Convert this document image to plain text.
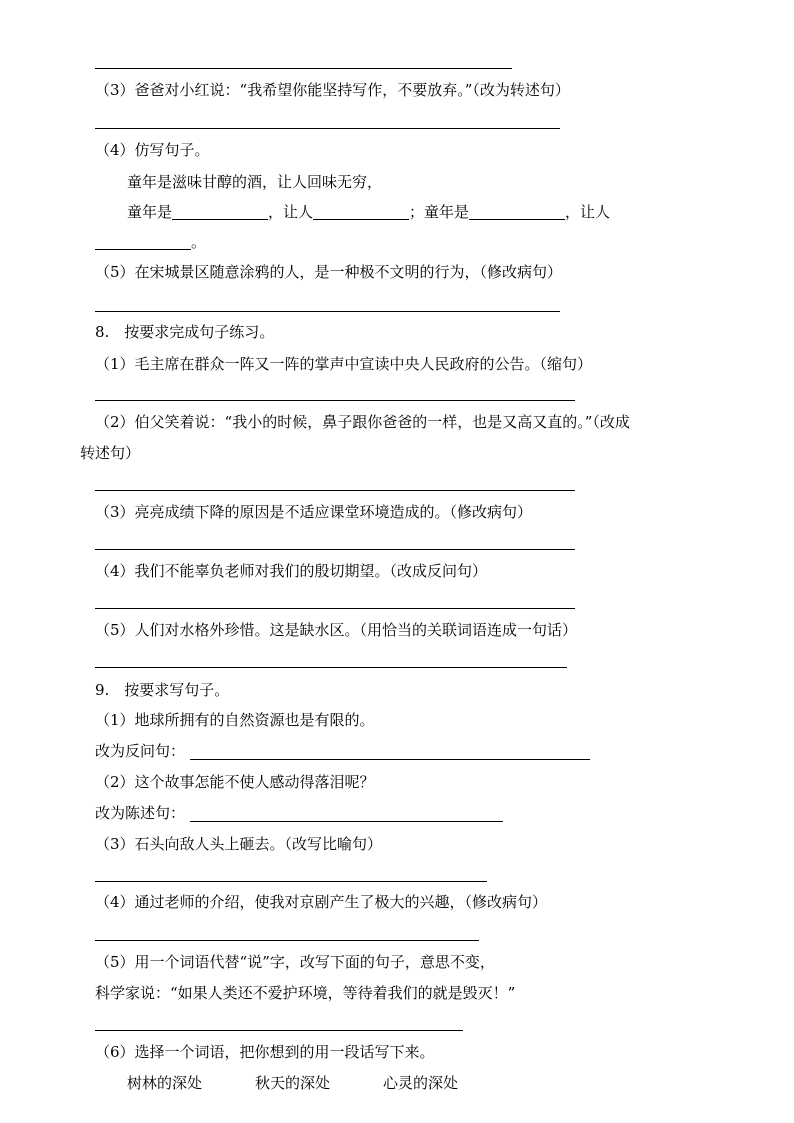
（3）爸爸对小红说：“我希望你能坚持写作，不要放弃。”（改为转述句）
（4）仿写句子。
童年是滋味甘醇的酒，让人回味无穷，
童年是	，让人	；童年是	，让人
。
（5）在宋城景区随意涂鸦的人，是一种极不文明的行为，（修改病句）
8.　按要求完成句子练习。
（1）毛主席在群众一阵又一阵的掌声中宣读中央人民政府的公告。（缩句）
（2）伯父笑着说：“我小的时候，鼻子跟你爸爸的一样，也是又高又直的。”（改成
转述句）
（3）亮亮成绩下降的原因是不适应课堂环境造成的。（修改病句）
（4）我们不能辜负老师对我们的殷切期望。（改成反问句）
（5）人们对水格外珍惜。这是缺水区。（用恰当的关联词语连成一句话）
9.　按要求写句子。
（1）地球所拥有的自然资源也是有限的。
改为反问句：
（2）这个故事怎能不使人感动得落泪呢？
改为陈述句：
（3）石头向敌人头上砸去。（改写比喻句）
（4）通过老师的介绍，使我对京剧产生了极大的兴趣，（修改病句）
（5）用一个词语代替“说”字，改写下面的句子，意思不变，
科学家说：“如果人类还不爱护环境，等待着我们的就是毁灭！”
（6）选择一个词语，把你想到的用一段话写下来。
树林的深处	秋天的深处	心灵的深处
